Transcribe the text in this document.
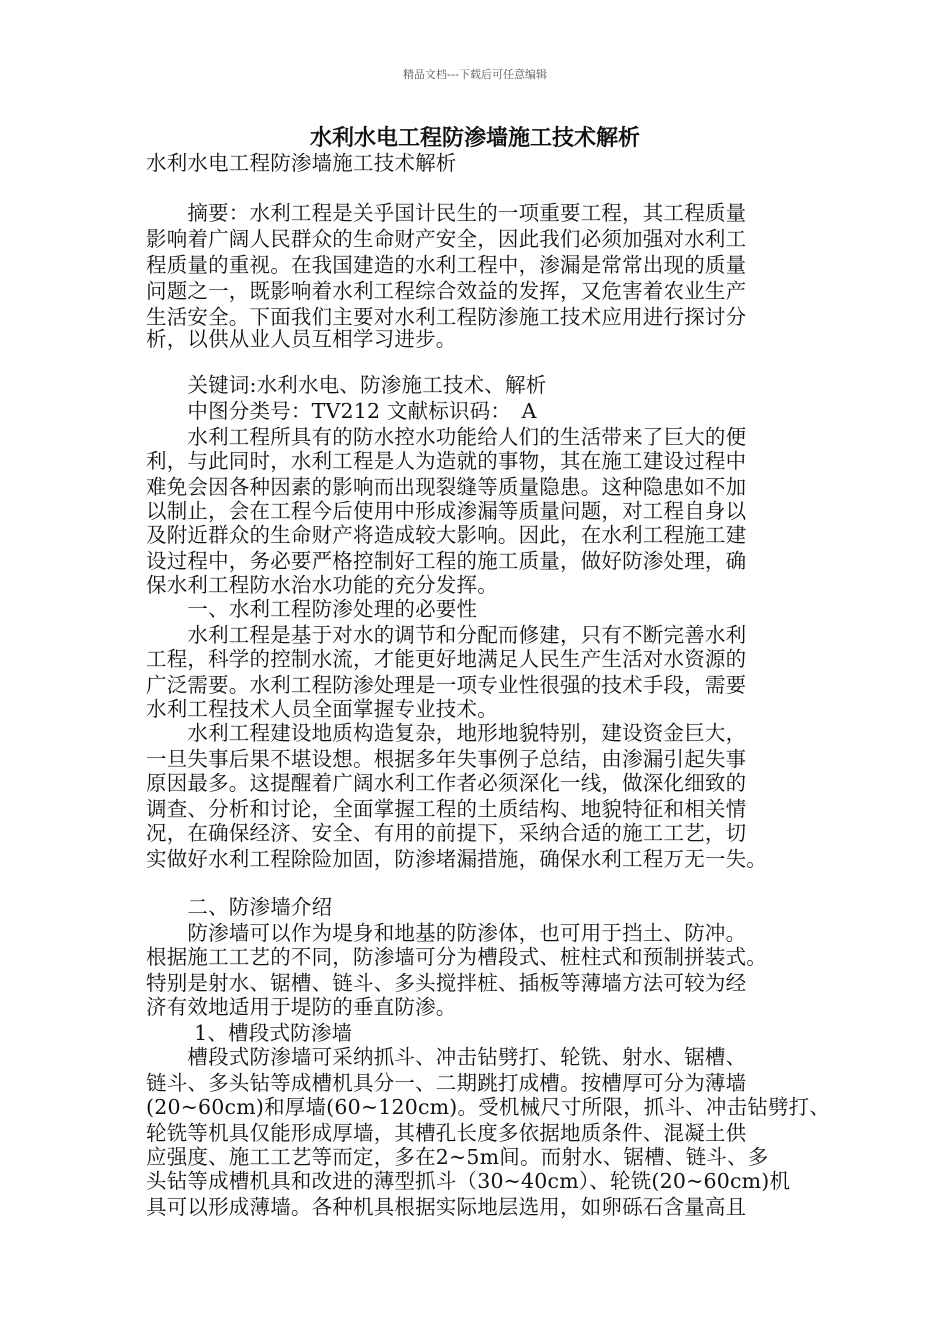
精品文档---下载后可任意编辑
水利水电工程防渗墙施工技术解析
水利水电工程防渗墙施工技术解析
　　摘要：水利工程是关乎国计民生的一项重要工程，其工程质量
影响着广阔人民群众的生命财产安全，因此我们必须加强对水利工
程质量的重视。在我国建造的水利工程中，渗漏是常常出现的质量
问题之一，既影响着水利工程综合效益的发挥，又危害着农业生产
生活安全。下面我们主要对水利工程防渗施工技术应用进行探讨分
析，以供从业人员互相学习进步。
　　关键词:水利水电、防渗施工技术、解析
　　中图分类号：TV212 文献标识码：　A
　　水利工程所具有的防水控水功能给人们的生活带来了巨大的便
利，与此同时，水利工程是人为造就的事物，其在施工建设过程中
难免会因各种因素的影响而出现裂缝等质量隐患。这种隐患如不加
以制止，会在工程今后使用中形成渗漏等质量问题，对工程自身以
及附近群众的生命财产将造成较大影响。因此，在水利工程施工建
设过程中，务必要严格控制好工程的施工质量，做好防渗处理，确
保水利工程防水治水功能的充分发挥。
　　一、水利工程防渗处理的必要性
　　水利工程是基于对水的调节和分配而修建，只有不断完善水利
工程，科学的控制水流，才能更好地满足人民生产生活对水资源的
广泛需要。水利工程防渗处理是一项专业性很强的技术手段，需要
水利工程技术人员全面掌握专业技术。
　　水利工程建设地质构造复杂，地形地貌特别，建设资金巨大，
一旦失事后果不堪设想。根据多年失事例子总结，由渗漏引起失事
原因最多。这提醒着广阔水利工作者必须深化一线，做深化细致的
调查、分析和讨论，全面掌握工程的土质结构、地貌特征和相关情
况，在确保经济、安全、有用的前提下，采纳合适的施工工艺，切
实做好水利工程除险加固，防渗堵漏措施，确保水利工程万无一失。
　　二、防渗墙介绍
　　防渗墙可以作为堤身和地基的防渗体，也可用于挡土、防冲。
根据施工工艺的不同，防渗墙可分为槽段式、桩柱式和预制拼装式。
特别是射水、锯槽、链斗、多头搅拌桩、插板等薄墙方法可较为经
济有效地适用于堤防的垂直防渗。
　　 1、槽段式防渗墙
　　槽段式防渗墙可采纳抓斗、冲击钻劈打、轮铣、射水、锯槽、
链斗、多头钻等成槽机具分一、二期跳打成槽。按槽厚可分为薄墙
(20~60cm)和厚墙(60~120cm)。受机械尺寸所限，抓斗、冲击钻劈打、
轮铣等机具仅能形成厚墙，其槽孔长度多依据地质条件、混凝土供
应强度、施工工艺等而定，多在2~5m间。而射水、锯槽、链斗、多
头钻等成槽机具和改进的薄型抓斗（30~40cm）、轮铣(20~60cm)机
具可以形成薄墙。各种机具根据实际地层选用，如卵砾石含量高且
